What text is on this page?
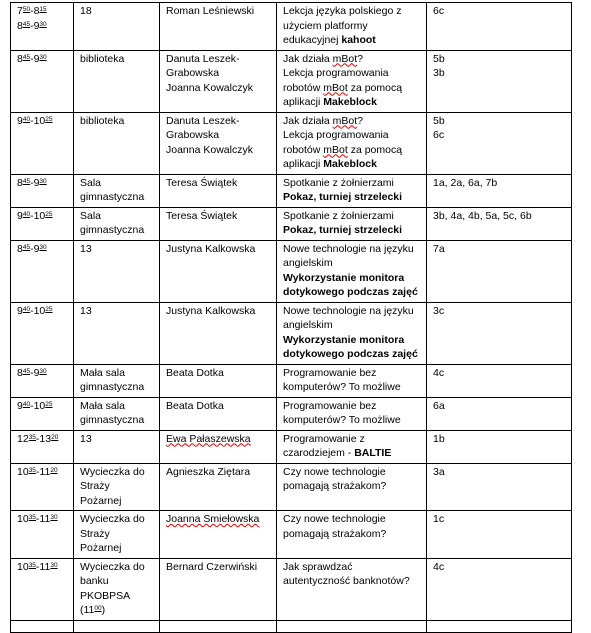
$7^{50}-8^{15}$
$8^{45}-9^{30}$	18	Roman Leśniewski	Lekcja języka polskiego z
użyciem platformy
edukacyjnej kahoot	6c

$8^{45}-9^{30}$	biblioteka	Danuta Leszek-
Grabowska
Joanna Kowalczyk	Jak działa mBot?
Lekcja programowania
robotów mBot za pomocą
aplikacji Makeblock	5b
3b

$9^{40}-10^{25}$	biblioteka	Danuta Leszek-
Grabowska
Joanna Kowalczyk	Jak działa mBot?
Lekcja programowania
robotów mBot za pomocą
aplikacji Makeblock	5b
6c

$8^{45}-9^{30}$	Sala
gimnastyczna	Teresa Świątek	Spotkanie z żołnierzami
Pokaz, turniej strzelecki	1a, 2a, 6a, 7b

$9^{40}-10^{25}$	Sala
gimnastyczna	Teresa Świątek	Spotkanie z żołnierzami
Pokaz, turniej strzelecki	3b, 4a, 4b, 5a, 5c, 6b

$8^{45}-9^{30}$	13	Justyna Kalkowska	Nowe technologie na języku
angielskim
Wykorzystanie monitora
dotykowego podczas zajęć	7a

$9^{40}-10^{25}$	13	Justyna Kalkowska	Nowe technologie na języku
angielskim
Wykorzystanie monitora
dotykowego podczas zajęć	3c

$8^{45}-9^{30}$	Mała sala
gimnastyczna	Beata Dotka	Programowanie bez
komputerów? To możliwe	4c

$9^{40}-10^{25}$	Mała sala
gimnastyczna	Beata Dotka	Programowanie bez
komputerów? To możliwe	6a

$12^{35}-13^{20}$	13	Ewa Pałaszewska	Programowanie z
czarodziejem - BALTIE	1b

$10^{35}-11^{20}$	Wycieczka do
Straży
Pożarnej	Agnieszka Ziętara	Czy nowe technologie
pomagają strażakom?	3a

$10^{35}-11^{30}$	Wycieczka do
Straży
Pożarnej	Joanna Smiełowska	Czy nowe technologie
pomagają strażakom?	1c

$10^{35}-11^{30}$	Wycieczka do
banku
PKOBPSA
$(11^{00})$	Bernard Czerwiński	Jak sprawdzać
autentyczność banknotów?	4c
